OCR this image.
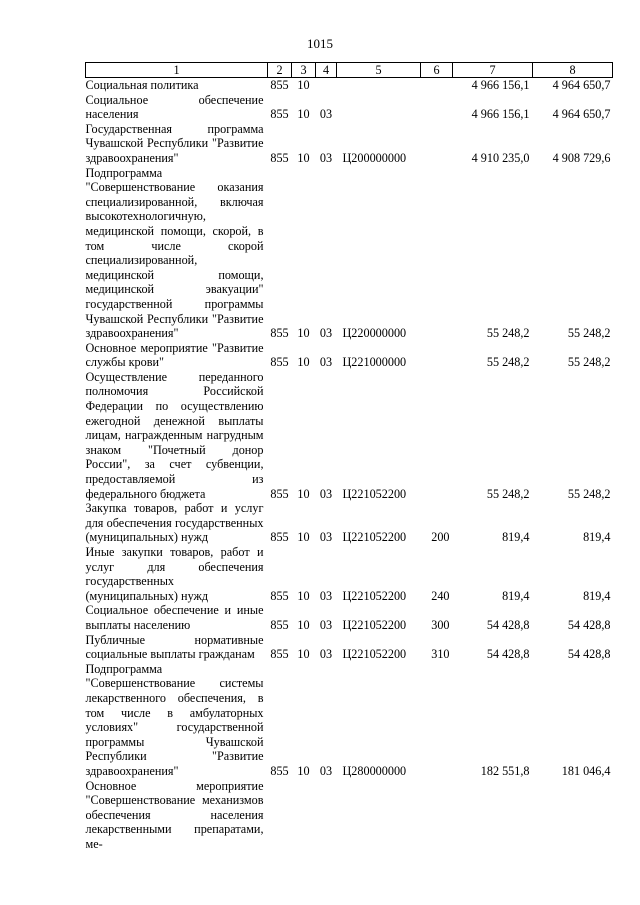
1015
1	2	3	4	5	6	7	8
Социальная политика	855	10				4 966 156,1	4 964 650,7
Социальное обеспечение населения	855	10	03			4 966 156,1	4 964 650,7
Государственная программа Чувашской Республики "Развитие здравоохранения"	855	10	03	Ц200000000		4 910 235,0	4 908 729,6
Подпрограмма "Совершенствование оказания специализированной, включая высокотехнологичную, медицинской помощи, скорой, в том числе скорой специализированной, медицинской помощи, медицинской эвакуации" государственной программы Чувашской Республики "Развитие здравоохранения"	855	10	03	Ц220000000		55 248,2	55 248,2
Основное мероприятие "Развитие службы крови"	855	10	03	Ц221000000		55 248,2	55 248,2
Осуществление переданного полномочия Российской Федерации по осуществлению ежегодной денежной выплаты лицам, награжденным нагрудным знаком "Почетный донор России", за счет субвенции, предоставляемой из федерального бюджета	855	10	03	Ц221052200		55 248,2	55 248,2
Закупка товаров, работ и услуг для обеспечения государственных (муниципальных) нужд	855	10	03	Ц221052200	200	819,4	819,4
Иные закупки товаров, работ и услуг для обеспечения государственных (муниципальных) нужд	855	10	03	Ц221052200	240	819,4	819,4
Социальное обеспечение и иные выплаты населению	855	10	03	Ц221052200	300	54 428,8	54 428,8
Публичные нормативные социальные выплаты гражданам	855	10	03	Ц221052200	310	54 428,8	54 428,8
Подпрограмма "Совершенствование системы лекарственного обеспечения, в том числе в амбулаторных условиях" государственной программы Чувашской Республики "Развитие здравоохранения"	855	10	03	Ц280000000		182 551,8	181 046,4
Основное мероприятие "Совершенствование механизмов обеспечения населения лекарственными препаратами, ме-							
